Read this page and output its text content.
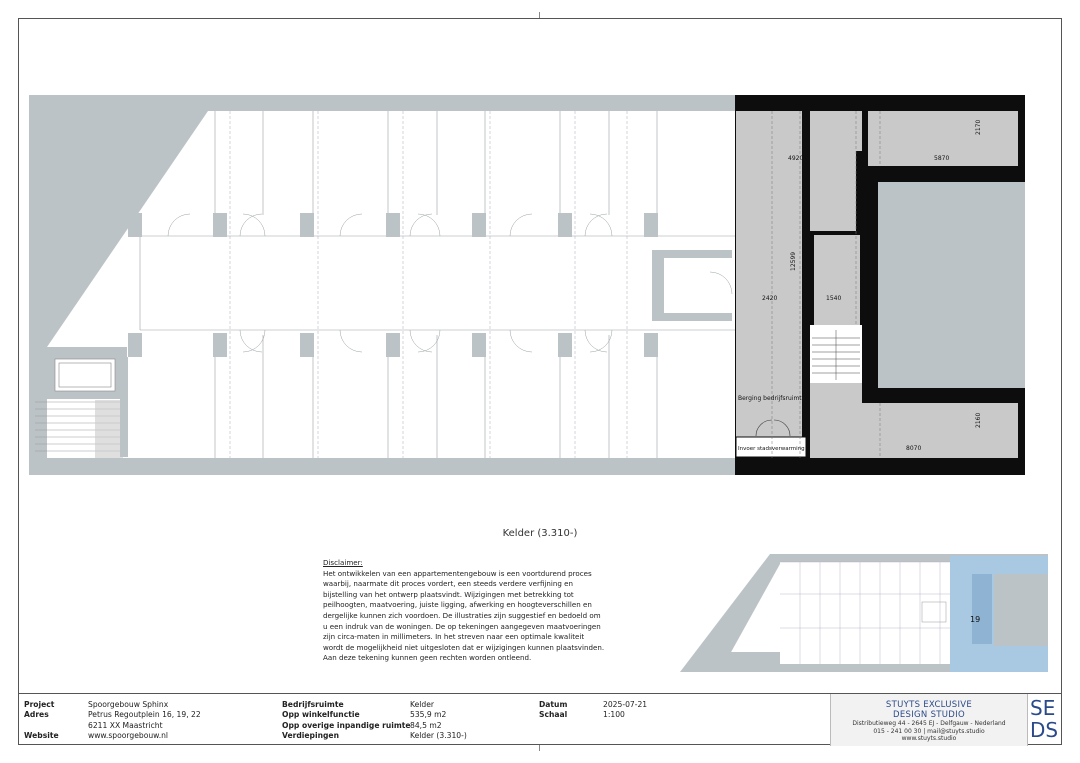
4920	5870
2170
12599
2420	1540
8070
2160
Berging bedrijfsruimte
Invoer stadsverwarming
Kelder (3.310-)
Disclaimer:
Het ontwikkelen van een appartementengebouw is een voortdurend proces
waarbij, naarmate dit proces vordert, een steeds verdere verfijning en
bijstelling van het ontwerp plaatsvindt. Wijzigingen met betrekking tot
peilhoogten, maatvoering, juiste ligging, afwerking en hoogteverschillen en
dergelijke kunnen zich voordoen. De illustraties zijn suggestief en bedoeld om
u een indruk van de woningen. De op tekeningen aangegeven maatvoeringen
zijn circa-maten in millimeters. In het streven naar een optimale kwaliteit
wordt de mogelijkheid niet uitgesloten dat er wijzigingen kunnen plaatsvinden.
Aan deze tekening kunnen geen rechten worden ontleend.
19
Project	Spoorgebouw Sphinx
Adres	Petrus Regoutplein 16, 19, 22
6211 XX Maastricht
Website	www.spoorgebouw.nl
Bedrijfsruimte	Kelder
Opp winkelfunctie	535,9 m2
Opp overige inpandige ruimte 84,5 m2
Verdiepingen	Kelder (3.310-)
Datum	2025-07-21
Schaal	1:100
STUYTS EXCLUSIVE
DESIGN STUDIO
Distributieweg 44 - 2645 EJ - Delfgauw - Nederland
015 - 241 00 30 | mail@stuyts.studio
www.stuyts.studio
SE
DS
